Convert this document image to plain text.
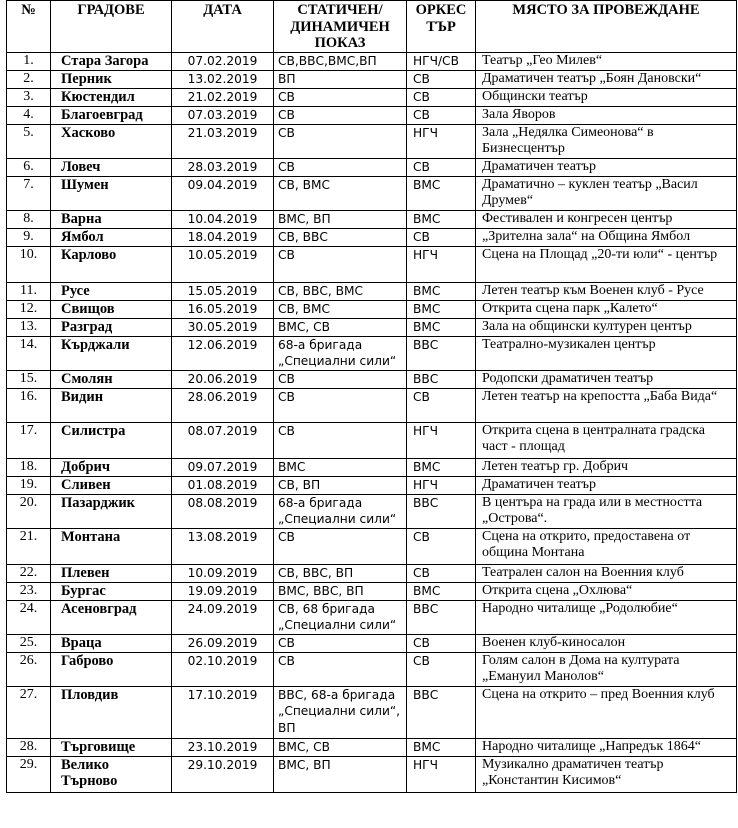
№	ГРАДОВЕ	ДАТА	СТАТИЧЕН/ ДИНАМИЧЕН ПОКАЗ	ОРКЕС ТЪР	МЯСТО ЗА ПРОВЕЖДАНЕ
1.	Стара Загора	07.02.2019	СВ,ВВС,ВМС,ВП	НГЧ/СВ	Театър „Гео Милев“
2.	Перник	13.02.2019	ВП	СВ	Драматичен театър „Боян Дановски“
3.	Кюстендил	21.02.2019	СВ	СВ	Общински театър
4.	Благоевград	07.03.2019	СВ	СВ	Зала Яворов
5.	Хасково	21.03.2019	СВ	НГЧ	Зала „Недялка Симеонова“ в Бизнесцентър
6.	Ловеч	28.03.2019	СВ	СВ	Драматичен театър
7.	Шумен	09.04.2019	СВ, ВМС	ВМС	Драматично – куклен театър „Васил Друмев“
8.	Варна	10.04.2019	ВМС, ВП	ВМС	Фестивален и конгресен център
9.	Ямбол	18.04.2019	СВ, ВВС	СВ	„Зрителна зала“ на Община Ямбол
10.	Карлово	10.05.2019	СВ	НГЧ	Сцена на Площад „20-ти юли“ - център
11.	Русе	15.05.2019	СВ, ВВС, ВМС	ВМС	Летен театър към Военен клуб - Русе
12.	Свищов	16.05.2019	СВ, ВМС	ВМС	Открита сцена парк „Калето“
13.	Разград	30.05.2019	ВМС, СВ	ВМС	Зала на общински културен център
14.	Кърджали	12.06.2019	68-а бригада „Специални сили“	ВВС	Театрално-музикален център
15.	Смолян	20.06.2019	СВ	ВВС	Родопски драматичен театър
16.	Видин	28.06.2019	СВ	СВ	Летен театър на крепостта „Баба Вида“
17.	Силистра	08.07.2019	СВ	НГЧ	Открита сцена в централната градска част - площад
18.	Добрич	09.07.2019	ВМС	ВМС	Летен театър гр. Добрич
19.	Сливен	01.08.2019	СВ, ВП	НГЧ	Драматичен театър
20.	Пазарджик	08.08.2019	68-а бригада „Специални сили“	ВВС	В центъра на града или в местността „Острова“.
21.	Монтана	13.08.2019	СВ	СВ	Сцена на открито, предоставена от община Монтана
22.	Плевен	10.09.2019	СВ, ВВС, ВП	СВ	Театрален салон на Военния клуб
23.	Бургас	19.09.2019	ВМС, ВВС, ВП	ВМС	Открита сцена „Охлюва“
24.	Асеновград	24.09.2019	СВ, 68 бригада „Специални сили“	ВВС	Народно читалище „Родолюбие“
25.	Враца	26.09.2019	СВ	СВ	Военен клуб-киносалон
26.	Габрово	02.10.2019	СВ	СВ	Голям салон в Дома на културата „Емануил Манолов“
27.	Пловдив	17.10.2019	ВВС, 68-а бригада „Специални сили“, ВП	ВВС	Сцена на открито – пред Военния клуб
28.	Търговище	23.10.2019	ВМС, СВ	ВМС	Народно читалище „Напредък 1864“
29.	Велико Търново	29.10.2019	ВМС, ВП	НГЧ	Музикално драматичен театър „Константин Кисимов“
